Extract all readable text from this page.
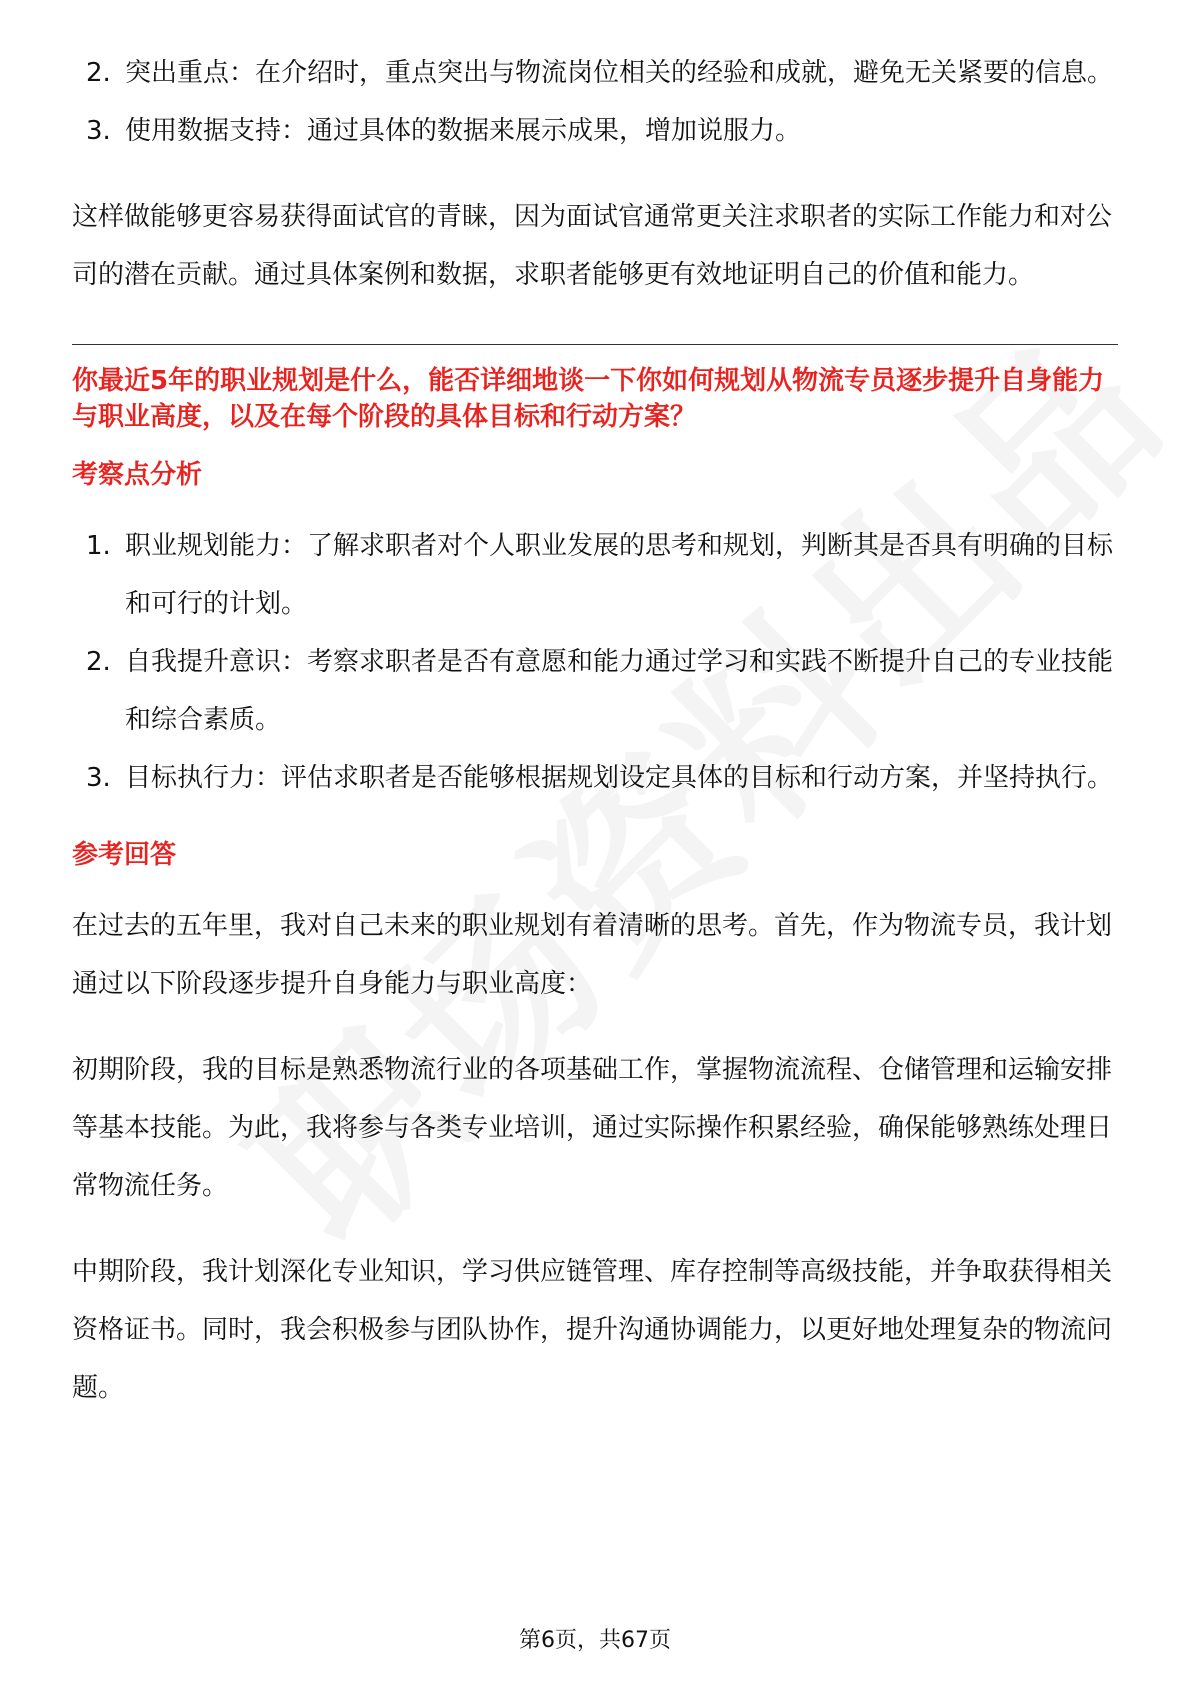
2. 突出重点：在介绍时，重点突出与物流岗位相关的经验和成就，避免无关紧要的信息。
3. 使用数据支持：通过具体的数据来展示成果，增加说服力。

这样做能够更容易获得面试官的青睐，因为面试官通常更关注求职者的实际工作能力和对公司的潜在贡献。通过具体案例和数据，求职者能够更有效地证明自己的价值和能力。

你最近5年的职业规划是什么，能否详细地谈一下你如何规划从物流专员逐步提升自身能力与职业高度，以及在每个阶段的具体目标和行动方案？

考察点分析

1. 职业规划能力：了解求职者对个人职业发展的思考和规划，判断其是否具有明确的目标和可行的计划。
2. 自我提升意识：考察求职者是否有意愿和能力通过学习和实践不断提升自己的专业技能和综合素质。
3. 目标执行力：评估求职者是否能够根据规划设定具体的目标和行动方案，并坚持执行。

参考回答

在过去的五年里，我对自己未来的职业规划有着清晰的思考。首先，作为物流专员，我计划通过以下阶段逐步提升自身能力与职业高度：

初期阶段，我的目标是熟悉物流行业的各项基础工作，掌握物流流程、仓储管理和运输安排等基本技能。为此，我将参与各类专业培训，通过实际操作积累经验，确保能够熟练处理日常物流任务。

中期阶段，我计划深化专业知识，学习供应链管理、库存控制等高级技能，并争取获得相关资格证书。同时，我会积极参与团队协作，提升沟通协调能力，以更好地处理复杂的物流问题。

第6页，共67页
